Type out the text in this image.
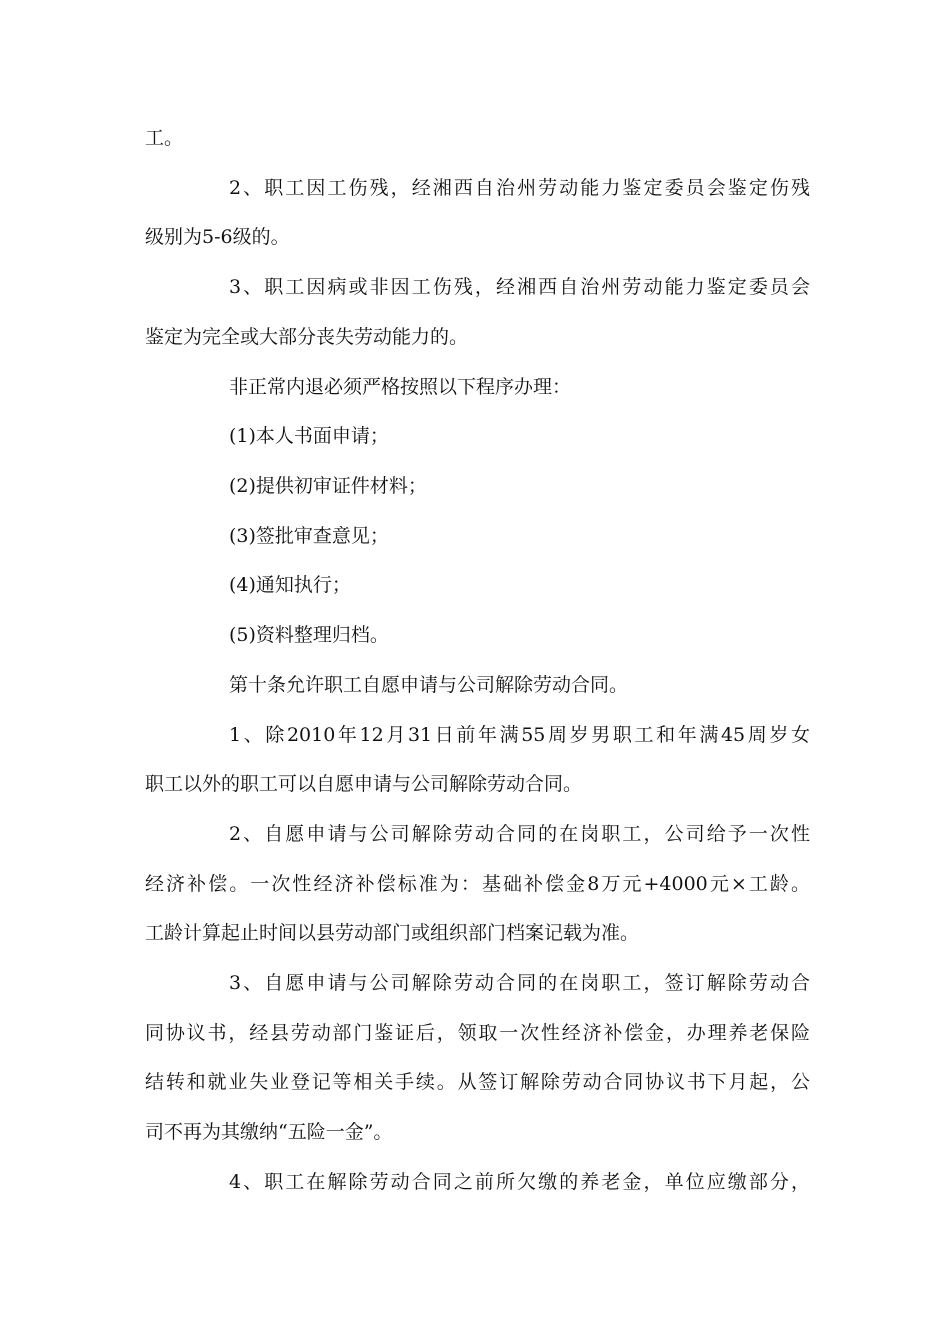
工。
2、职工因工伤残，经湘西自治州劳动能力鉴定委员会鉴定伤残
级别为5-6级的。
3、职工因病或非因工伤残，经湘西自治州劳动能力鉴定委员会
鉴定为完全或大部分丧失劳动能力的。
非正常内退必须严格按照以下程序办理：
(1)本人书面申请；
(2)提供初审证件材料；
(3)签批审查意见；
(4)通知执行；
(5)资料整理归档。
第十条允许职工自愿申请与公司解除劳动合同。
1、除2010年12月31日前年满55周岁男职工和年满45周岁女
职工以外的职工可以自愿申请与公司解除劳动合同。
2、自愿申请与公司解除劳动合同的在岗职工，公司给予一次性
经济补偿。一次性经济补偿标准为：基础补偿金8万元+4000元×工龄。
工龄计算起止时间以县劳动部门或组织部门档案记载为准。
3、自愿申请与公司解除劳动合同的在岗职工，签订解除劳动合
同协议书，经县劳动部门鉴证后，领取一次性经济补偿金，办理养老保险
结转和就业失业登记等相关手续。从签订解除劳动合同协议书下月起，公
司不再为其缴纳“五险一金”。
4、职工在解除劳动合同之前所欠缴的养老金，单位应缴部分，
